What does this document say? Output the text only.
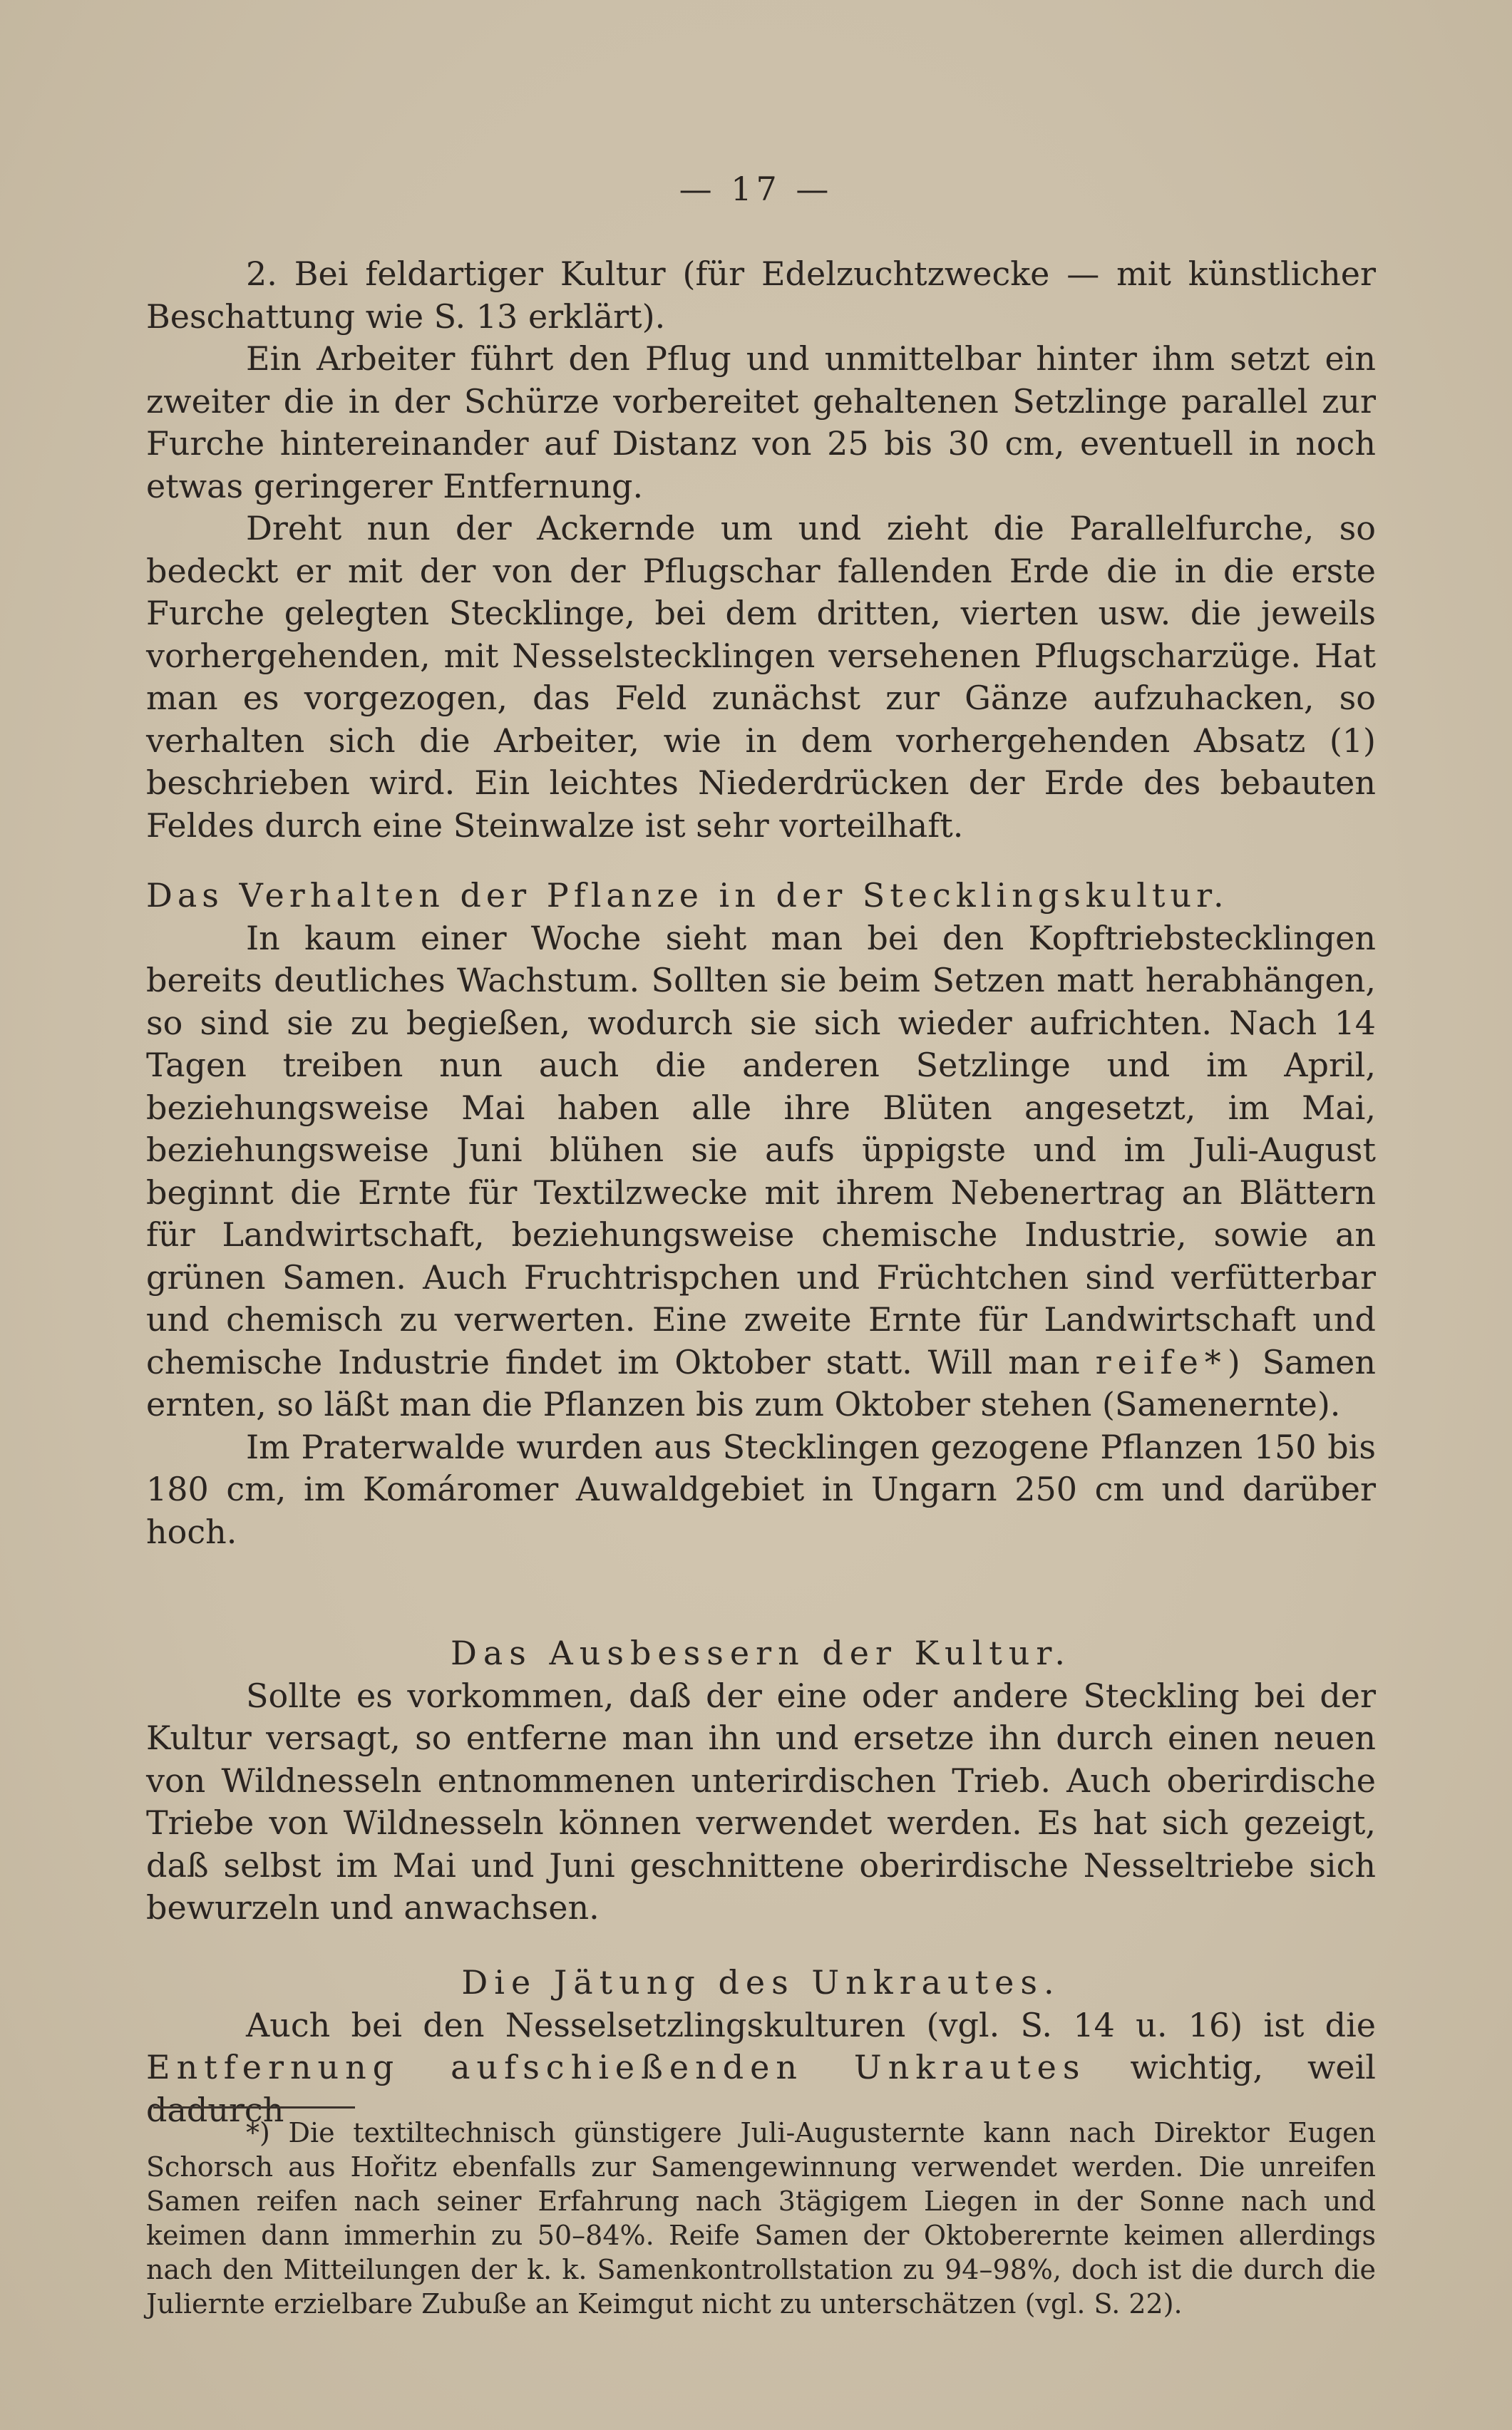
— 17 —

2. Bei feldartiger Kultur (für Edelzuchtzwecke — mit künstlicher Beschattung wie S. 13 erklärt).

Ein Arbeiter führt den Pflug und unmittelbar hinter ihm setzt ein zweiter die in der Schürze vorbereitet gehaltenen Setzlinge parallel zur Furche hintereinander auf Distanz von 25 bis 30 cm, eventuell in noch etwas geringerer Entfernung.

Dreht nun der Ackernde um und zieht die Parallelfurche, so bedeckt er mit der von der Pflugschar fallenden Erde die in die erste Furche gelegten Stecklinge, bei dem dritten, vierten usw. die jeweils vorhergehenden, mit Nesselstecklingen versehenen Pflugscharzüge. Hat man es vorgezogen, das Feld zunächst zur Gänze aufzuhacken, so verhalten sich die Arbeiter, wie in dem vorhergehenden Absatz (1) beschrieben wird. Ein leichtes Niederdrücken der Erde des bebauten Feldes durch eine Steinwalze ist sehr vorteilhaft.

Das Verhalten der Pflanze in der Stecklingskultur.

In kaum einer Woche sieht man bei den Kopftriebstecklingen bereits deutliches Wachstum. Sollten sie beim Setzen matt herabhängen, so sind sie zu begießen, wodurch sie sich wieder aufrichten. Nach 14 Tagen treiben nun auch die anderen Setzlinge und im April, beziehungsweise Mai haben alle ihre Blüten angesetzt, im Mai, beziehungsweise Juni blühen sie aufs üppigste und im Juli-August beginnt die Ernte für Textilzwecke mit ihrem Nebenertrag an Blättern für Landwirtschaft, beziehungsweise chemische Industrie, sowie an grünen Samen. Auch Fruchtrispchen und Früchtchen sind verfütterbar und chemisch zu verwerten. Eine zweite Ernte für Landwirtschaft und chemische Industrie findet im Oktober statt. Will man reife*) Samen ernten, so läßt man die Pflanzen bis zum Oktober stehen (Samenernte).

Im Praterwalde wurden aus Stecklingen gezogene Pflanzen 150 bis 180 cm, im Komáromer Auwaldgebiet in Ungarn 250 cm und darüber hoch.

Das Ausbessern der Kultur.

Sollte es vorkommen, daß der eine oder andere Steckling bei der Kultur versagt, so entferne man ihn und ersetze ihn durch einen neuen von Wildnesseln entnommenen unterirdischen Trieb. Auch oberirdische Triebe von Wildnesseln können verwendet werden. Es hat sich gezeigt, daß selbst im Mai und Juni geschnittene oberirdische Nesseltriebe sich bewurzeln und anwachsen.

Die Jätung des Unkrautes.

Auch bei den Nesselsetzlingskulturen (vgl. S. 14 u. 16) ist die Entfernung aufschießenden Unkrautes wichtig, weil dadurch

*) Die textiltechnisch günstigere Juli-Augusternte kann nach Direktor Eugen Schorsch aus Hořitz ebenfalls zur Samengewinnung verwendet werden. Die unreifen Samen reifen nach seiner Erfahrung nach 3tägigem Liegen in der Sonne nach und keimen dann immerhin zu 50–84%. Reife Samen der Oktoberernte keimen allerdings nach den Mitteilungen der k. k. Samenkontrollstation zu 94–98%, doch ist die durch die Juliernte erzielbare Zubuße an Keimgut nicht zu unterschätzen (vgl. S. 22).
